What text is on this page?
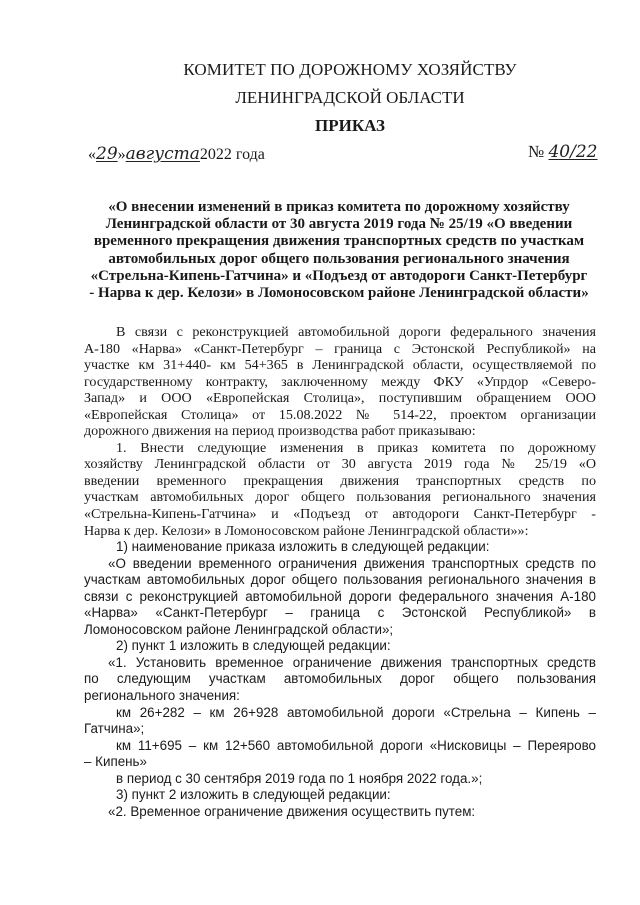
КОМИТЕТ ПО ДОРОЖНОМУ ХОЗЯЙСТВУ
ЛЕНИНГРАДСКОЙ ОБЛАСТИ
ПРИКАЗ
«29»августа2022 года	№ 40/22
«О внесении изменений в приказ комитета по дорожному хозяйству
Ленинградской области от 30 августа 2019 года № 25/19 «О введении
временного прекращения движения транспортных средств по участкам
автомобильных дорог общего пользования регионального значения
«Стрельна-Кипень-Гатчина» и «Подъезд от автодороги Санкт-Петербург
- Нарва к дер. Келози» в Ломоносовском районе Ленинградской области»
В связи с реконструкцией автомобильной дороги федерального значения
А-180 «Нарва» «Санкт-Петербург – граница с Эстонской Республикой» на
участке км 31+440- км 54+365 в Ленинградской области, осуществляемой по
государственному контракту, заключенному между ФКУ «Упрдор «Северо-
Запад» и ООО «Европейская Столица», поступившим обращением ООО
«Европейская Столица» от 15.08.2022 № 514-22, проектом организации
дорожного движения на период производства работ приказываю:
1. Внести следующие изменения в приказ комитета по дорожному
хозяйству Ленинградской области от 30 августа 2019 года № 25/19 «О
введении временного прекращения движения транспортных средств по
участкам автомобильных дорог общего пользования регионального значения
«Стрельна-Кипень-Гатчина» и «Подъезд от автодороги Санкт-Петербург -
Нарва к дер. Келози» в Ломоносовском районе Ленинградской области»»:
1) наименование приказа изложить в следующей редакции:
«О введении временного ограничения движения транспортных средств по
участкам автомобильных дорог общего пользования регионального значения в
связи с реконструкцией автомобильной дороги федерального значения А-180
«Нарва» «Санкт-Петербург – граница с Эстонской Республикой» в
Ломоносовском районе Ленинградской области»;
2) пункт 1 изложить в следующей редакции:
«1. Установить временное ограничение движения транспортных средств
по следующим участкам автомобильных дорог общего пользования
регионального значения:
км 26+282 – км 26+928 автомобильной дороги «Стрельна – Кипень –
Гатчина»;
км 11+695 – км 12+560 автомобильной дороги «Нисковицы – Переярово
– Кипень»
в период с 30 сентября 2019 года по 1 ноября 2022 года.»;
3) пункт 2 изложить в следующей редакции:
«2. Временное ограничение движения осуществить путем:
